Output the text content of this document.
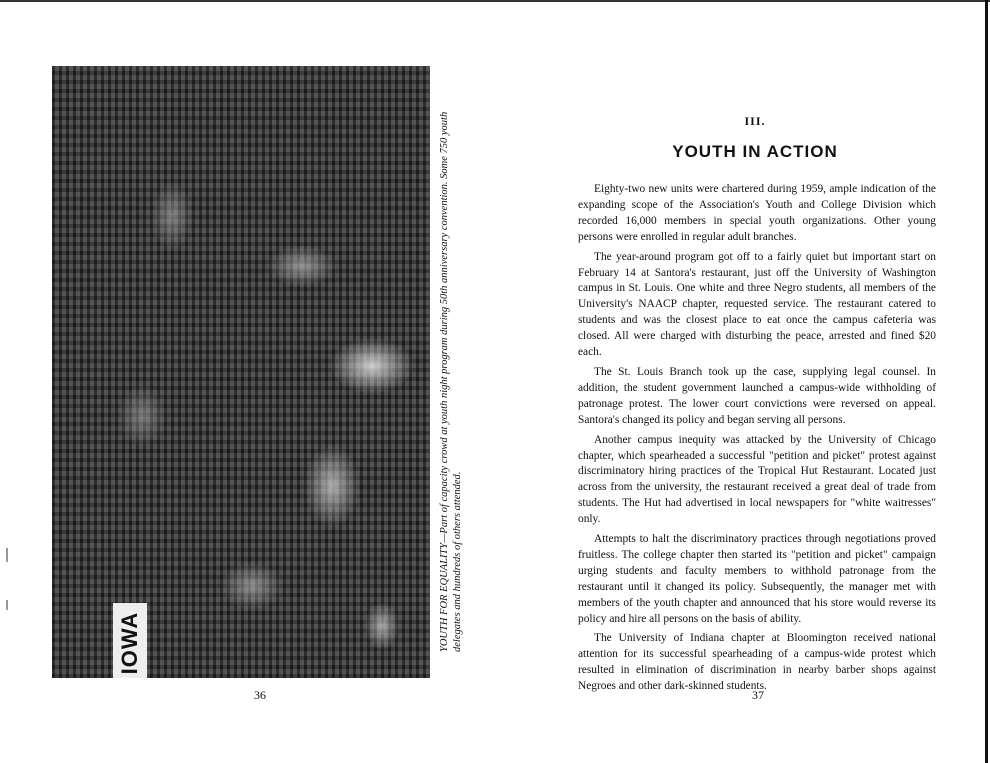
IOWA	YOUTH FOR EQUALITY—Part of capacity crowd at youth night program during 50th anniversary convention. Some 750 youth delegates and hundreds of others attended.
36
III.
YOUTH IN ACTION

Eighty-two new units were chartered during 1959, ample indication of the expanding scope of the Association's Youth and College Division which recorded 16,000 members in special youth organizations. Other young persons were enrolled in regular adult branches.

The year-around program got off to a fairly quiet but important start on February 14 at Santora's restaurant, just off the University of Washington campus in St. Louis. One white and three Negro students, all members of the University's NAACP chapter, requested service. The restaurant catered to students and was the closest place to eat once the campus cafeteria was closed. All were charged with disturbing the peace, arrested and fined $20 each.

The St. Louis Branch took up the case, supplying legal counsel. In addition, the student government launched a campus-wide withholding of patronage protest. The lower court convictions were reversed on appeal. Santora's changed its policy and began serving all persons.

Another campus inequity was attacked by the University of Chicago chapter, which spearheaded a successful "petition and picket" protest against discriminatory hiring practices of the Tropical Hut Restaurant. Located just across from the university, the restaurant received a great deal of trade from students. The Hut had advertised in local newspapers for "white waitresses" only.

Attempts to halt the discriminatory practices through negotiations proved fruitless. The college chapter then started its "petition and picket" campaign urging students and faculty members to withhold patronage from the restaurant until it changed its policy. Subsequently, the manager met with members of the youth chapter and announced that his store would reverse its policy and hire all persons on the basis of ability.

The University of Indiana chapter at Bloomington received national attention for its successful spearheading of a campus-wide protest which resulted in elimination of discrimination in nearby barber shops against Negroes and other dark-skinned students.

37
